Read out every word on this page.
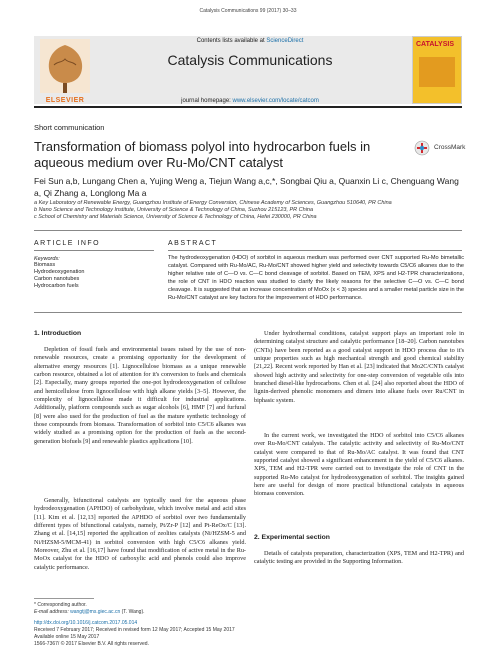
Catalysis Communications 99 (2017) 30–33
ELSEVIER
Contents lists available at ScienceDirect
Catalysis Communications
journal homepage: www.elsevier.com/locate/catcom
CATALYSIS
Short communication
Transformation of biomass polyol into hydrocarbon fuels in aqueous medium over Ru-Mo/CNT catalyst
CrossMark
Fei Sun a,b, Lungang Chen a, Yujing Weng a, Tiejun Wang a,c,*, Songbai Qiu a, Quanxin Li c, Chenguang Wang a, Qi Zhang a, Longlong Ma a
a Key Laboratory of Renewable Energy, Guangzhou Institute of Energy Conversion, Chinese Academy of Sciences, Guangzhou 510640, PR China
b Nano Science and Technology Institute, University of Science & Technology of China, Suzhou 215123, PR China
c School of Chemistry and Materials Science, University of Science & Technology of China, Hefei 230000, PR China
ARTICLE INFO	ABSTRACT
Keywords:
Biomass
Hydrodeoxygenation
Carbon nanotubes
Hydrocarbon fuels
The hydrodeoxygenation (HDO) of sorbitol in aqueous medium was performed over CNT supported Ru-Mo bimetallic catalyst. Compared with Ru-Mo/AC, Ru-Mo/CNT showed higher yield and selectivity towards C5/C6 alkanes due to the higher relative rate of C—O vs. C—C bond cleavage of sorbitol. Based on TEM, XPS and H2-TPR characterizations, the role of CNT in HDO reaction was studied to clarify the likely reasons for the selective C—O vs. C—C bond cleavage. It is suggested that an increase concentration of MoOx (x < 3) species and a smaller metal particle size in the Ru-Mo/CNT catalyst are key factors for the improvement of HDO performance.
1. Introduction
Depletion of fossil fuels and environmental issues raised by the use of non-renewable resources, create a promising opportunity for the development of alternative energy resources [1]. Lignocellulose biomass as a unique renewable carbon resource, obtained a lot of attention for it's conversion to fuels and chemicals [2]. Especially, many groups reported the one-pot hydrodeoxygenation of cellulose and hemicellulose from lignocellulose with high alkane yields [3–5]. However, the complexity of lignocellulose made it difficult for industrial applications. Additionally, platform compounds such as sugar alcohols [6], HMF [7] and furfural [8] were also used for the production of fuel as the mature synthetic technology of those compounds from biomass. Transformation of sorbitol into C5/C6 alkanes was widely studied as a promising option for the production of fuels as the second-generation biofuels [9] and renewable plastics applications [10].
Generally, bifunctional catalysts are typically used for the aqueous phase hydrodeoxygenation (APHDO) of carbohydrate, which involve metal and acid sites [11]. Kim et al. [12,13] reported the APHDO of sorbitol over two fundamentally different types of bifunctional catalysts, namely, Pt/Zr-P [12] and Pt-ReOx/C [13]. Zhang et al. [14,15] reported the application of zeolites catalysts (Ni/HZSM-5 and Ni/HZSM-5/MCM-41) in sorbitol conversion with high C5/C6 alkanes yield. Moreover, Zhu et al. [16,17] have found that modification of active metal in the Ru-MoOx catalyst for the HDO of carboxylic acid and phenols could also improve catalytic performance.
Under hydrothermal conditions, catalyst support plays an important role in determining catalyst structure and catalytic performance [18–20]. Carbon nanotubes (CNTs) have been reported as a good catalyst support in HDO process due to it's unique properties such as high mechanical strength and good chemical stability [21,22]. Recent work reported by Han et al. [23] indicated that Mo2C/CNTs catalyst showed high activity and selectivity for one-step conversion of vegetable oils into branched diesel-like hydrocarbons. Chen et al. [24] also reported about the HDO of lignin-derived phenolic monomers and dimers into alkane fuels over Ru/CNT in biphasic system.
In the current work, we investigated the HDO of sorbitol into C5/C6 alkanes over Ru-Mo/CNT catalysts. The catalytic activity and selectivity of Ru-Mo/CNT catalyst were compared to that of Ru-Mo/AC catalyst. It was found that CNT supported catalyst showed a significant enhancement in the yield of C5/C6 alkanes. XPS, TEM and H2-TPR were carried out to investigate the role of CNT in the supported Ru-Mo catalyst for hydrodeoxygenation of sorbitol. The insights gained here are useful for design of more practical bifunctional catalysts in aqueous biomass conversion.
2. Experimental section
Details of catalysts preparation, characterization (XPS, TEM and H2-TPR) and catalytic testing are provided in the Supporting Information.
* Corresponding author.
E-mail address: wangtj@ms.giec.ac.cn (T. Wang).
http://dx.doi.org/10.1016/j.catcom.2017.05.014
Received 7 February 2017; Received in revised form 12 May 2017; Accepted 15 May 2017
Available online 15 May 2017
1566-7367/ © 2017 Elsevier B.V. All rights reserved.
